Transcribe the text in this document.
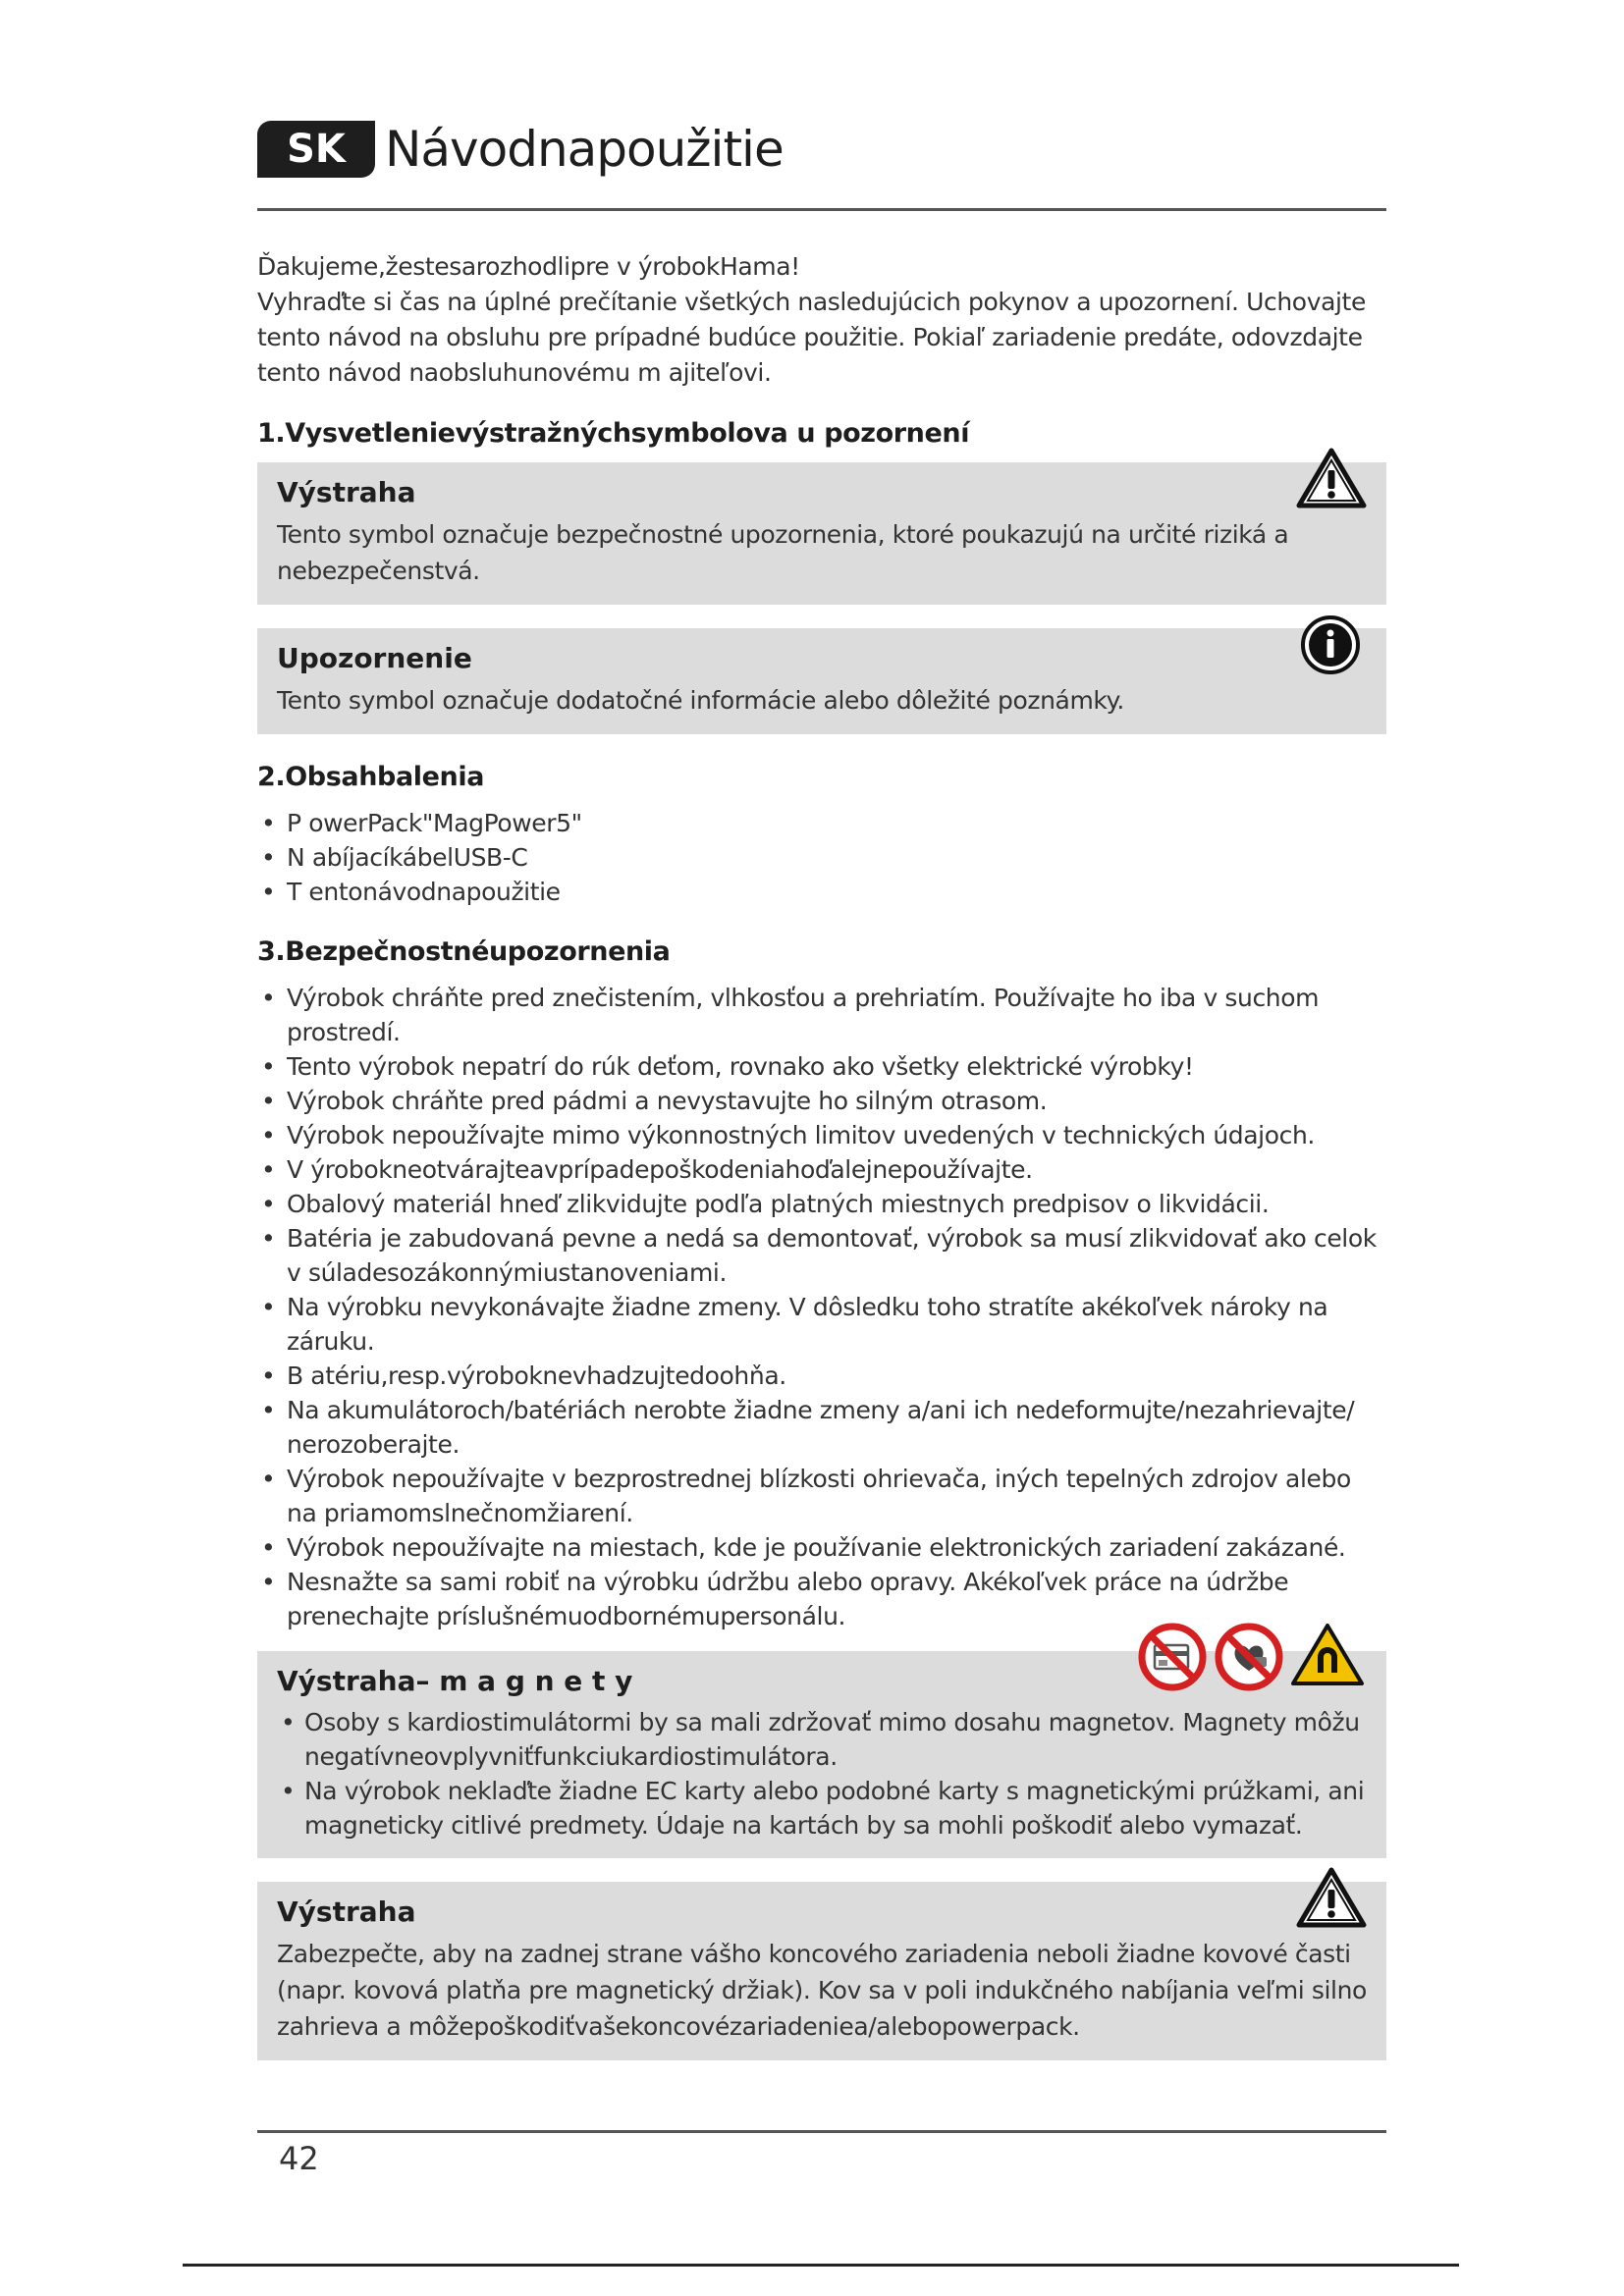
SK Návodnapoužitie

Ďakujeme,žestesarozhodlipre v ýrobokHama!

Vyhraďte si čas na úplné prečítanie všetkých nasledujúcich pokynov a upozornení. Uchovajte tento návod na obsluhu pre prípadné budúce použitie. Pokiaľ zariadenie predáte, odovzdajte tento návod naobsluhunovému m ajiteľovi.

1.Vysvetlenievýstražnýchsymbolova u pozornení

Výstraha

Tento symbol označuje bezpečnostné upozornenia, ktoré poukazujú na určité riziká a nebezpečenstvá.

Upozornenie

Tento symbol označuje dodatočné informácie alebo dôležité poznámky.

2.Obsahbalenia
• P owerPack"MagPower5"
• N abíjacíkábelUSB-C
• T entonávodnapoužitie
3.Bezpečnostnéupozornenia
• Výrobok chráňte pred znečistením, vlhkosťou a prehriatím. Používajte ho iba v suchom prostredí.
• Tento výrobok nepatrí do rúk deťom, rovnako ako všetky elektrické výrobky!
• Výrobok chráňte pred pádmi a nevystavujte ho silným otrasom.
• Výrobok nepoužívajte mimo výkonnostných limitov uvedených v technických údajoch.
• V ýrobokneotvárajteavprípadepoškodeniahoďalejnepoužívajte.
• Obalový materiál hneď zlikvidujte podľa platných miestnych predpisov o likvidácii.
• Batéria je zabudovaná pevne a nedá sa demontovať, výrobok sa musí zlikvidovať ako celok v súladesozákonnýmiustanoveniami.
• Na výrobku nevykonávajte žiadne zmeny. V dôsledku toho stratíte akékoľvek nároky na záruku.
• B atériu,resp.výroboknevhadzujtedoohňa.
• Na akumulátoroch/batériách nerobte žiadne zmeny a/ani ich nedeformujte/nezahrievajte/ nerozoberajte.
• Výrobok nepoužívajte v bezprostrednej blízkosti ohrievača, iných tepelných zdrojov alebo na priamomslnečnomžiarení.
• Výrobok nepoužívajte na miestach, kde je používanie elektronických zariadení zakázané.
• Nesnažte sa sami robiť na výrobku údržbu alebo opravy. Akékoľvek práce na údržbe prenechajte príslušnémuodbornémupersonálu.

Výstraha– m a g n e t y

• Osoby s kardiostimulátormi by sa mali zdržovať mimo dosahu magnetov. Magnety môžu negatívneovplyvniťfunkciukardiostimulátora.
• Na výrobok neklaďte žiadne EC karty alebo podobné karty s magnetickými prúžkami, ani magneticky citlivé predmety. Údaje na kartách by sa mohli poškodiť alebo vymazať.

Výstraha

Zabezpečte, aby na zadnej strane vášho koncového zariadenia neboli žiadne kovové časti (napr. kovová platňa pre magnetický držiak). Kov sa v poli indukčného nabíjania veľmi silno zahrieva a môžepoškodiťvašekoncovézariadeniea/alebopowerpack.

42
